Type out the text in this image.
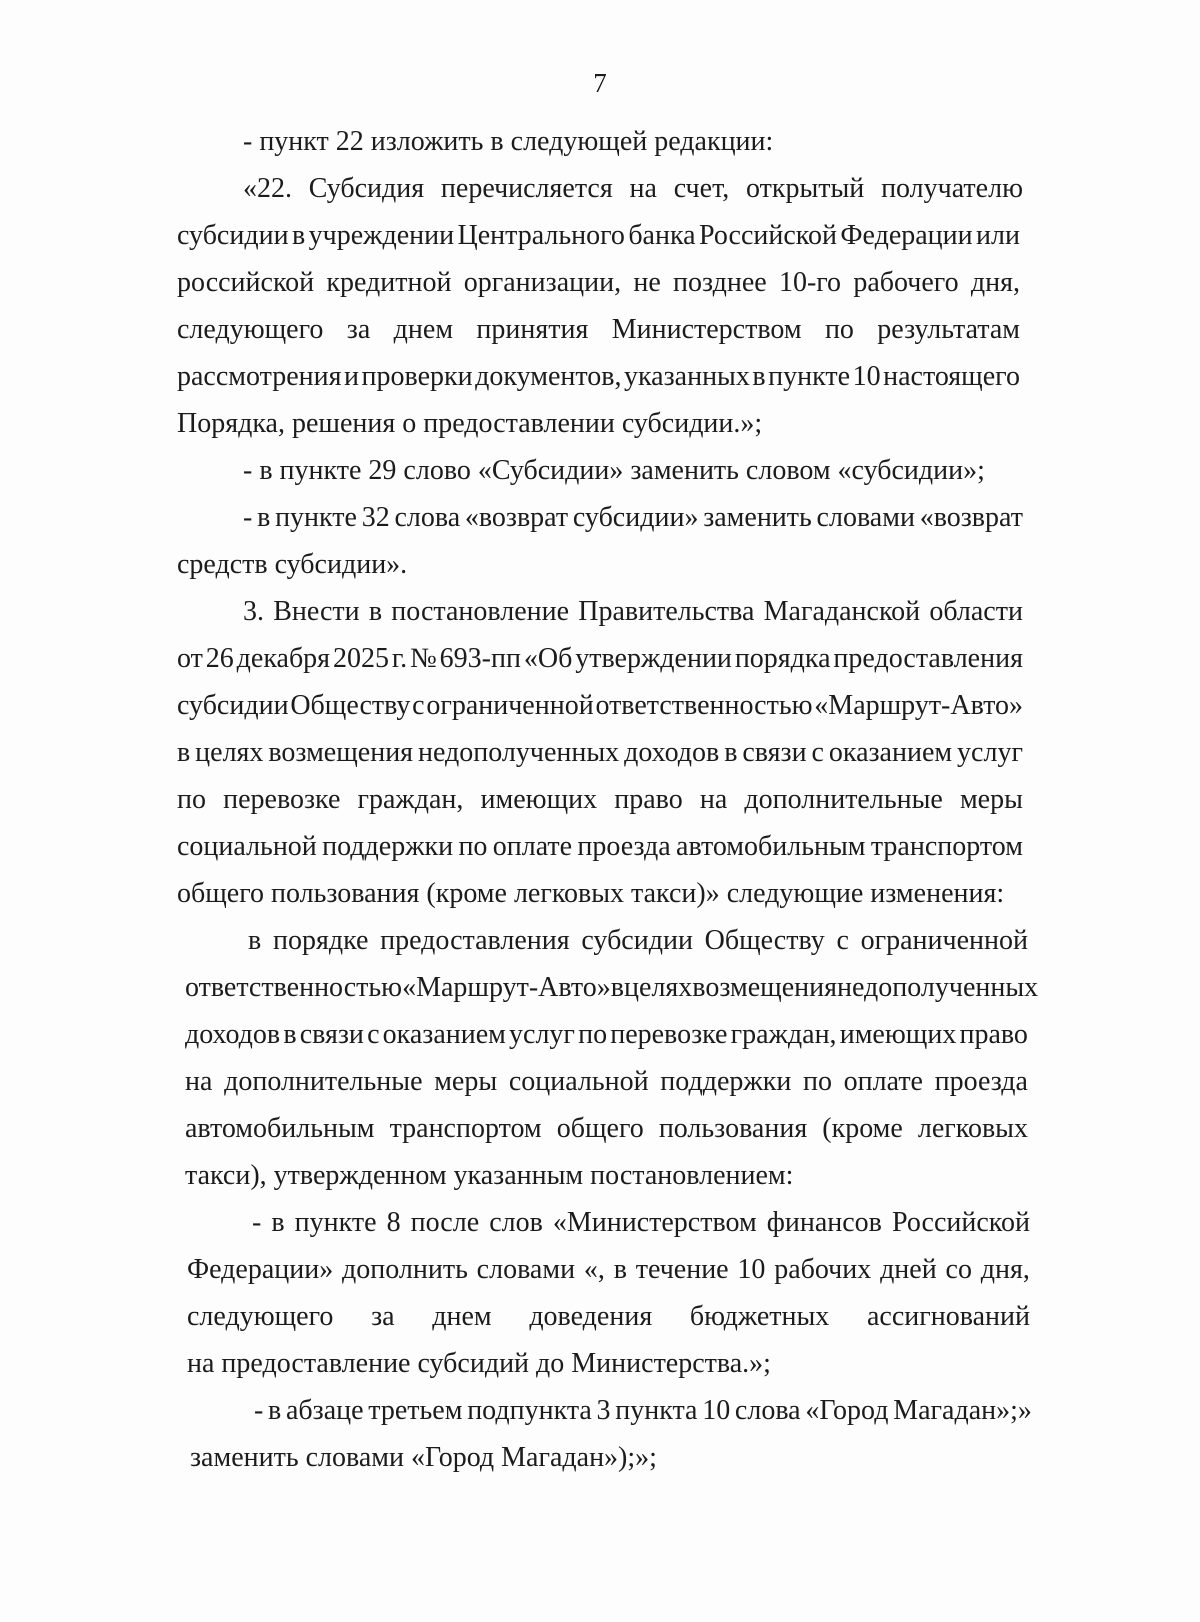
7
- пункт 22 изложить в следующей редакции:
«22. Субсидия перечисляется на счет, открытый получателю
субсидии в учреждении Центрального банка Российской Федерации или
российской кредитной организации, не позднее 10-го рабочего дня,
следующего за днем принятия Министерством по результатам
рассмотрения и проверки документов, указанных в пункте 10 настоящего
Порядка, решения о предоставлении субсидии.»;
- в пункте 29 слово «Субсидии» заменить словом «субсидии»;
- в пункте 32 слова «возврат субсидии» заменить словами «возврат
средств субсидии».
3. Внести в постановление Правительства Магаданской области
от 26 декабря 2025 г. № 693-пп «Об утверждении порядка предоставления
субсидии Обществу с ограниченной ответственностью «Маршрут-Авто»
в целях возмещения недополученных доходов в связи с оказанием услуг
по перевозке граждан, имеющих право на дополнительные меры
социальной поддержки по оплате проезда автомобильным транспортом
общего пользования (кроме легковых такси)» следующие изменения:
в порядке предоставления субсидии Обществу с ограниченной
ответственностью «Маршрут-Авто» в целях возмещения недополученных
доходов в связи с оказанием услуг по перевозке граждан, имеющих право
на дополнительные меры социальной поддержки по оплате проезда
автомобильным транспортом общего пользования (кроме легковых
такси), утвержденном указанным постановлением:
- в пункте 8 после слов «Министерством финансов Российской
Федерации» дополнить словами «, в течение 10 рабочих дней со дня,
следующего за днем доведения бюджетных ассигнований
на предоставление субсидий до Министерства.»;
- в абзаце третьем подпункта 3 пункта 10 слова «Город Магадан»;»
заменить словами «Город Магадан»);»;
